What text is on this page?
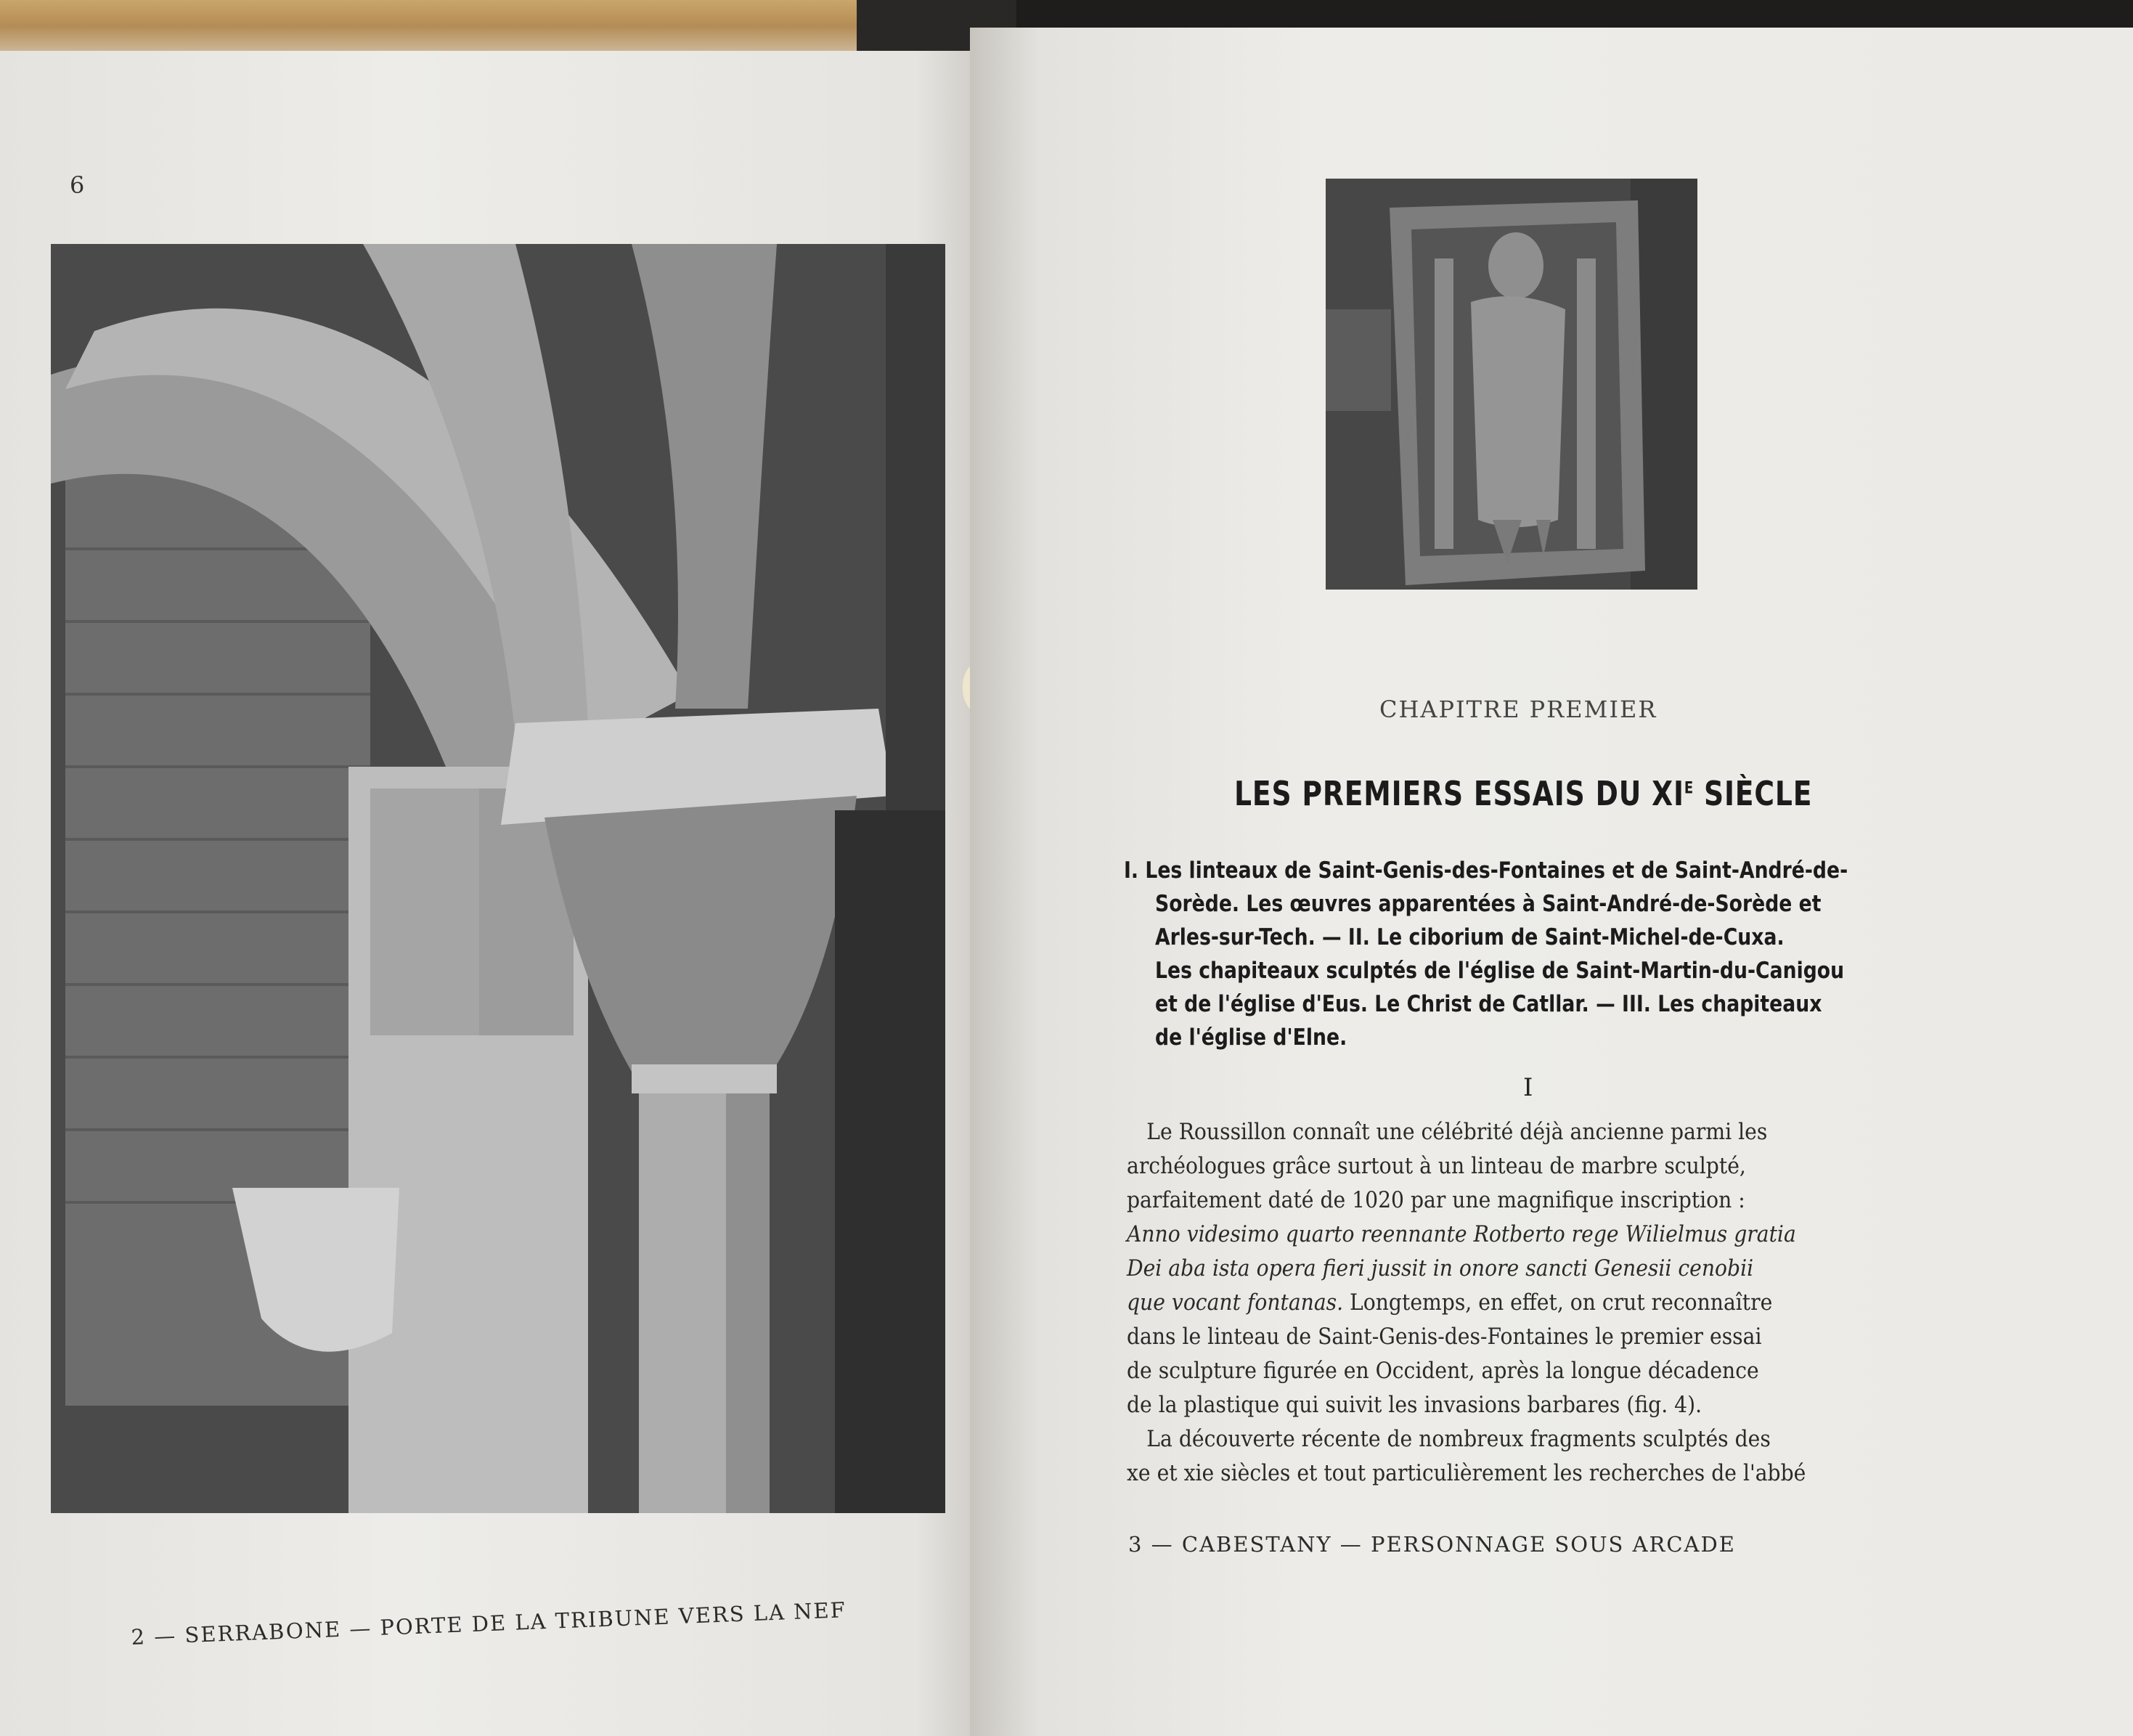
6
2 — SERRABONE — PORTE DE LA TRIBUNE VERS LA NEF
CHAPITRE PREMIER
LES PREMIERS ESSAIS DU $XI^E$ SIÈCLE
I. Les linteaux de Saint-Genis-des-Fontaines et de Saint-André-de-
Sorède. Les œuvres apparentées à Saint-André-de-Sorède et
Arles-sur-Tech. — II. Le ciborium de Saint-Michel-de-Cuxa.
Les chapiteaux sculptés de l'église de Saint-Martin-du-Canigou
et de l'église d'Eus. Le Christ de Catllar. — III. Les chapiteaux
de l'église d'Elne.
I
Le Roussillon connaît une célébrité déjà ancienne parmi les
archéologues grâce surtout à un linteau de marbre sculpté,
parfaitement daté de 1020 par une magnifique inscription :
Anno videsimo quarto reennante Rotberto rege Wilielmus gratia
Dei aba ista opera fieri jussit in onore sancti Genesii cenobii
que vocant fontanas. Longtemps, en effet, on crut reconnaître
dans le linteau de Saint-Genis-des-Fontaines le premier essai
de sculpture figurée en Occident, après la longue décadence
de la plastique qui suivit les invasions barbares (fig. 4).
La découverte récente de nombreux fragments sculptés des
xe et xie siècles et tout particulièrement les recherches de l'abbé
3 — CABESTANY — PERSONNAGE SOUS ARCADE
